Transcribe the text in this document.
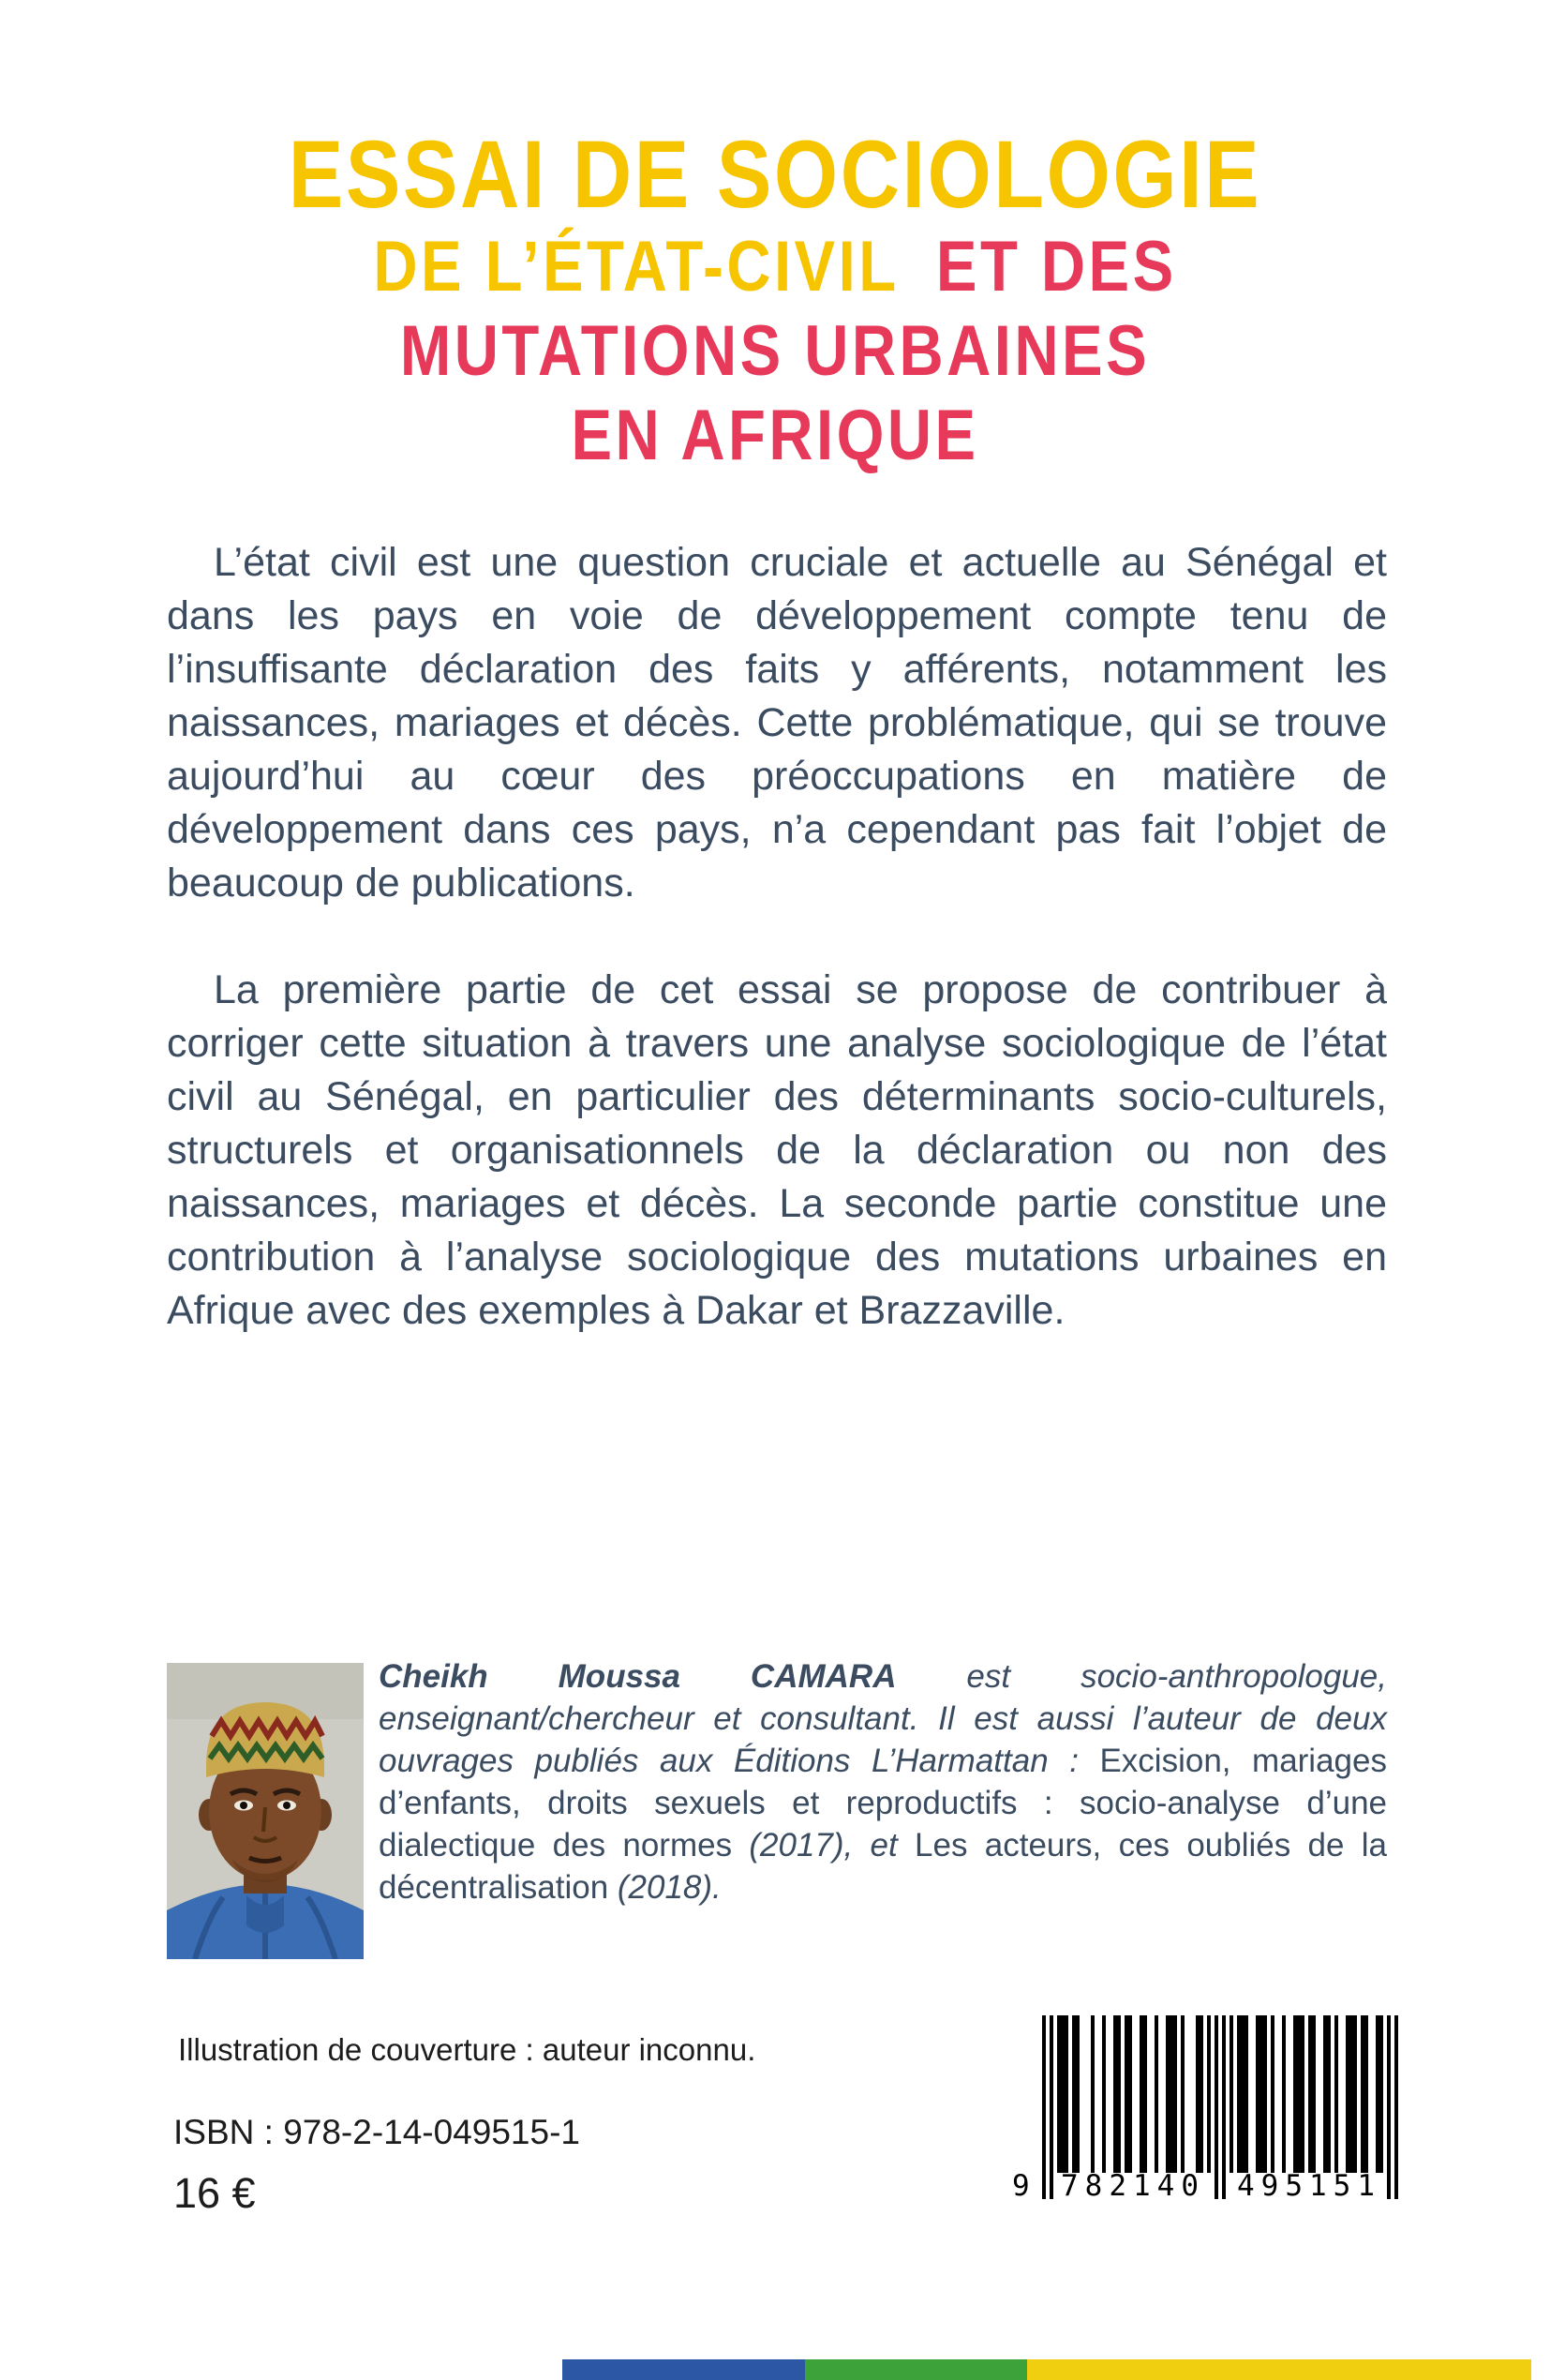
ESSAI DE SOCIOLOGIE
DE L’ÉTAT-CIVIL ET DES
MUTATIONS URBAINES
EN AFRIQUE

L’état civil est une question cruciale et actuelle au Sénégal et dans les pays en voie de développement compte tenu de l’insuffisante déclaration des faits y afférents, notamment les naissances, mariages et décès. Cette problématique, qui se trouve aujourd’hui au cœur des préoccupations en matière de développement dans ces pays, n’a cependant pas fait l’objet de beaucoup de publications.

La première partie de cet essai se propose de contribuer à corriger cette situation à travers une analyse sociologique de l’état civil au Sénégal, en particulier des déterminants socio-culturels, structurels et organisationnels de la déclaration ou non des naissances, mariages et décès. La seconde partie constitue une contribution à l’analyse sociologique des mutations urbaines en Afrique avec des exemples à Dakar et Brazzaville.

Cheikh Moussa CAMARA est socio-anthropologue, enseignant/chercheur et consultant. Il est aussi l’auteur de deux ouvrages publiés aux Éditions L’Harmattan : Excision, mariages d’enfants, droits sexuels et reproductifs : socio-analyse d’une dialectique des normes (2017), et Les acteurs, ces oubliés de la décentralisation (2018).
Illustration de couverture : auteur inconnu.
ISBN : 978-2-14-049515-1
16 €	9 782140 495151
